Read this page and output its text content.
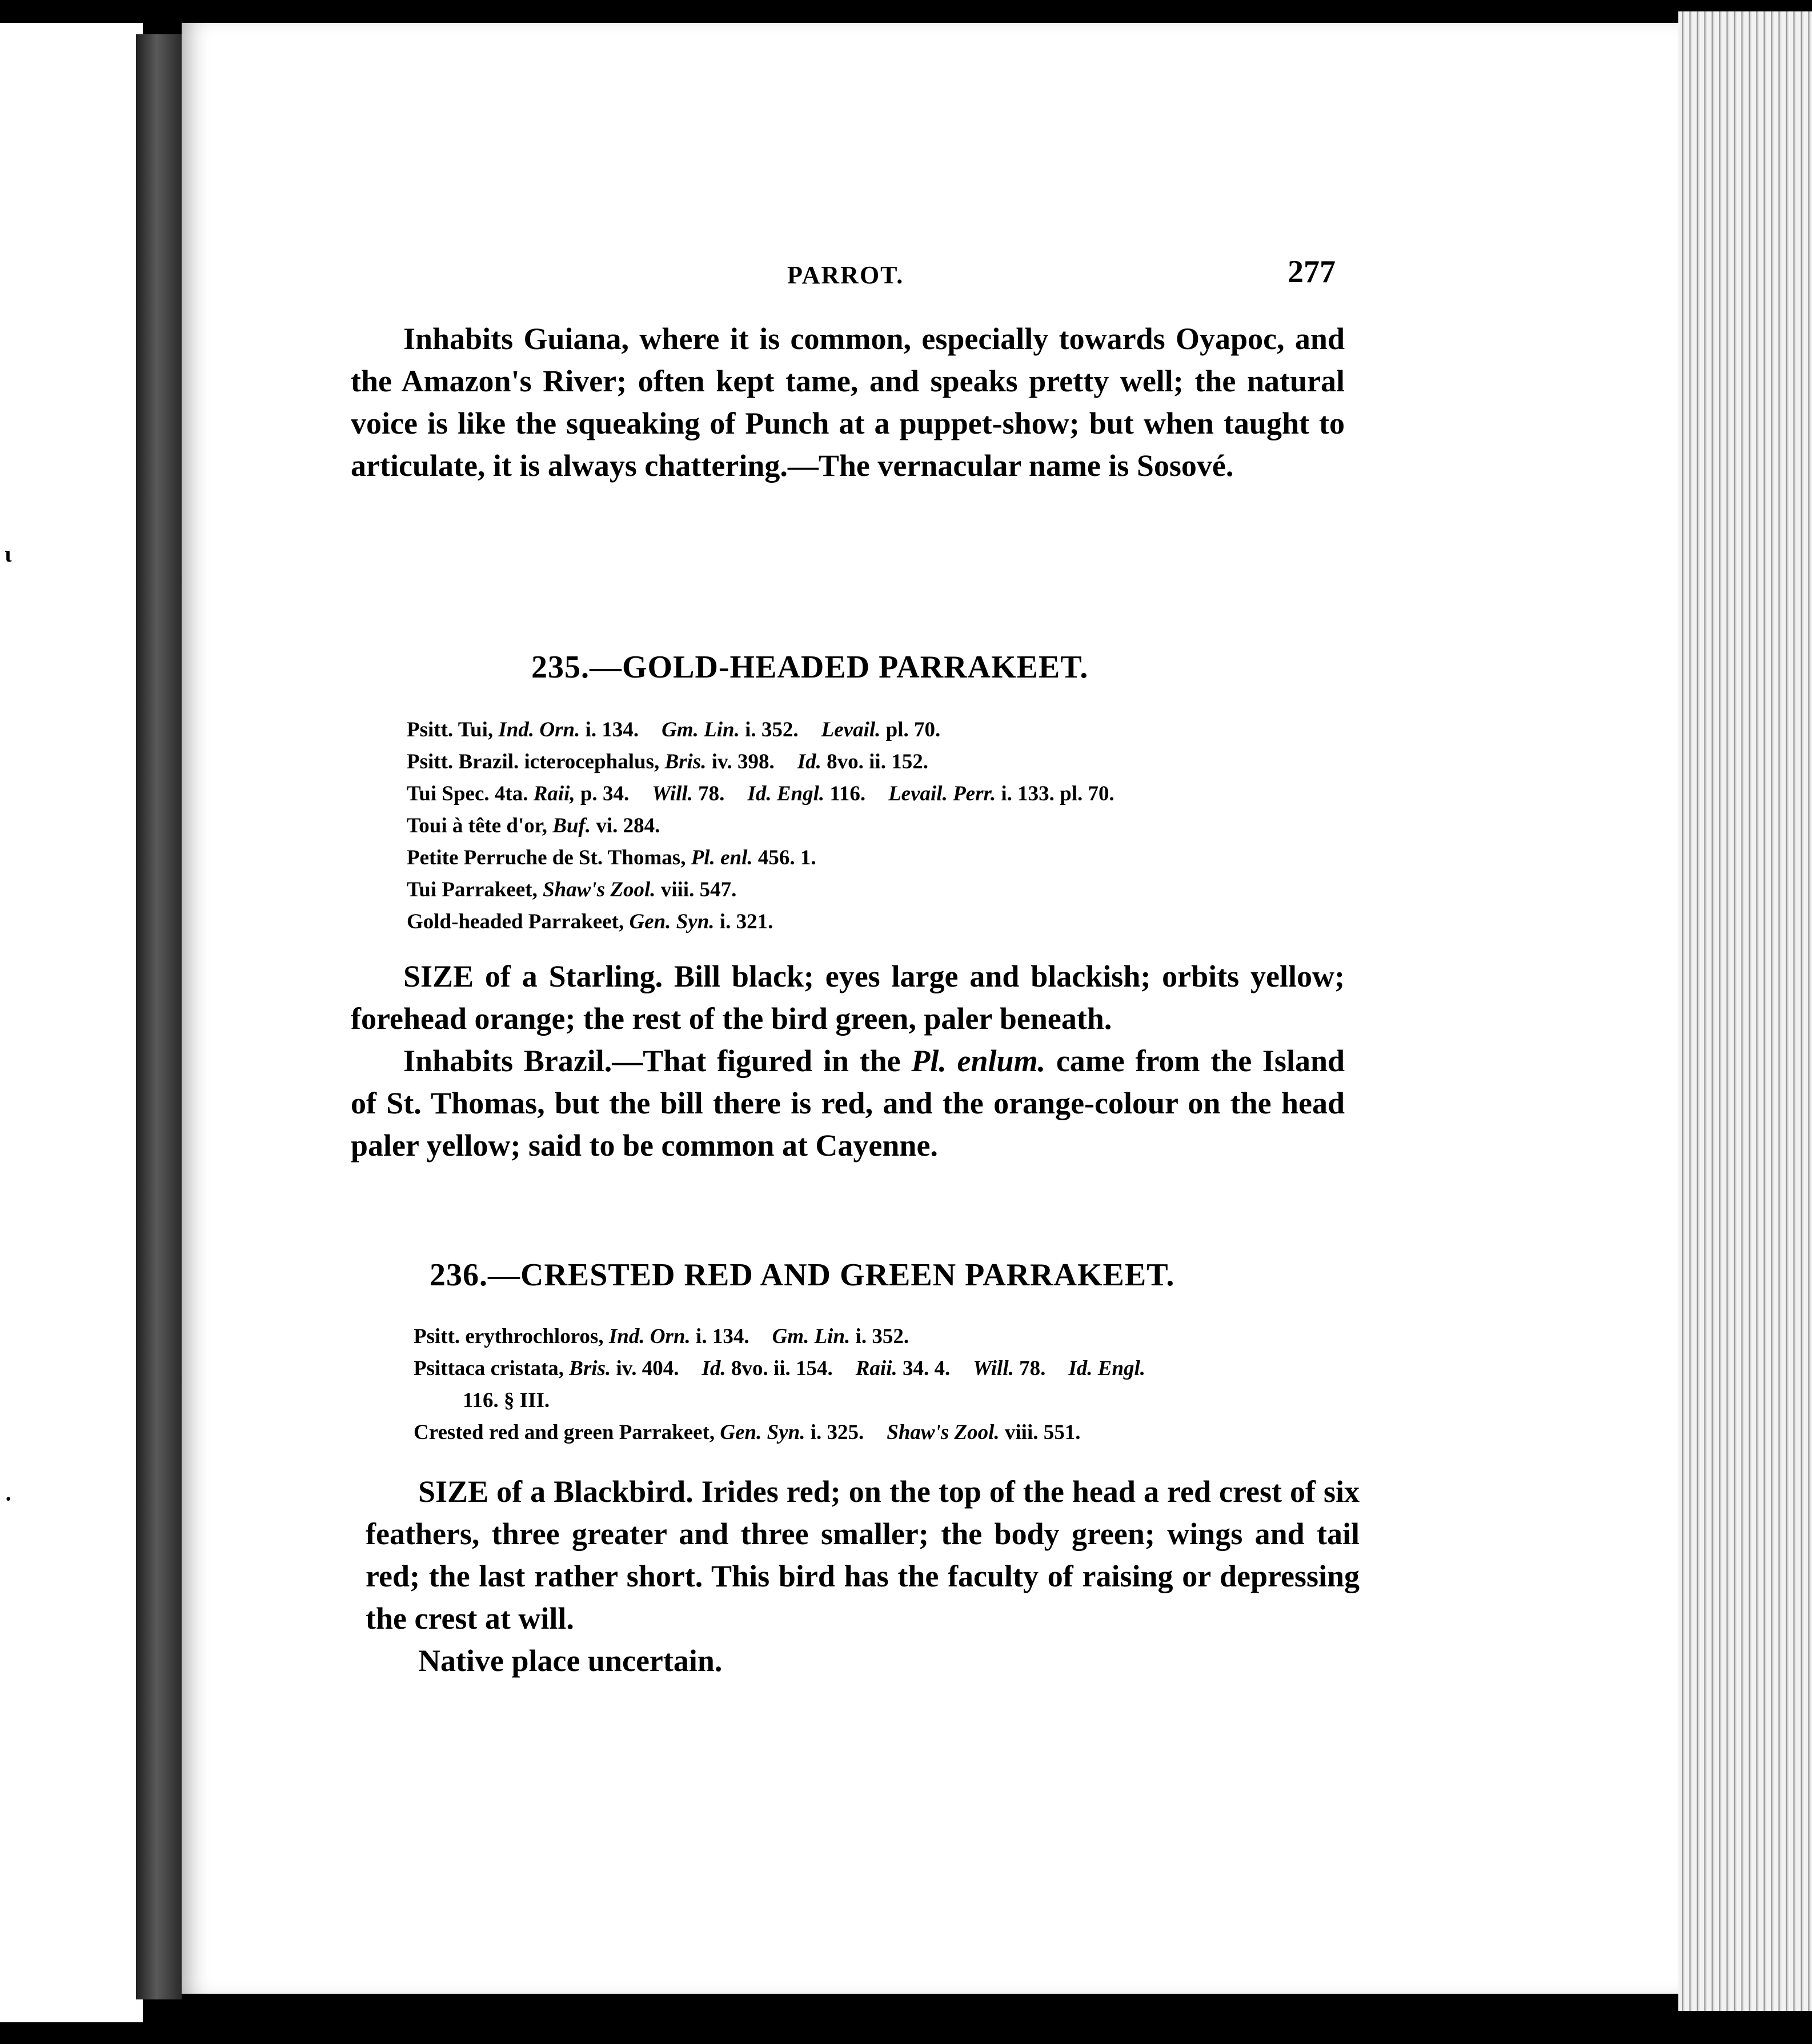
ι
·
PARROT.	277

Inhabits Guiana, where it is common, especially towards Oyapoc, and the Amazon's River; often kept tame, and speaks pretty well; the natural voice is like the squeaking of Punch at a puppet-show; but when taught to articulate, it is always chattering.—The vernacular name is Sosové.

235.—GOLD-HEADED PARRAKEET.
Psitt. Tui, Ind. Orn. i. 134. Gm. Lin. i. 352. Levail. pl. 70.
Psitt. Brazil. icterocephalus, Bris. iv. 398. Id. 8vo. ii. 152.
Tui Spec. 4ta. Raii, p. 34. Will. 78. Id. Engl. 116. Levail. Perr. i. 133. pl. 70.
Toui à tête d'or, Buf. vi. 284.
Petite Perruche de St. Thomas, Pl. enl. 456. 1.
Tui Parrakeet, Shaw's Zool. viii. 547.
Gold-headed Parrakeet, Gen. Syn. i. 321.

SIZE of a Starling. Bill black; eyes large and blackish; orbits yellow; forehead orange; the rest of the bird green, paler beneath.

Inhabits Brazil.—That figured in the Pl. enlum. came from the Island of St. Thomas, but the bill there is red, and the orange-colour on the head paler yellow; said to be common at Cayenne.

236.—CRESTED RED AND GREEN PARRAKEET.
Psitt. erythrochloros, Ind. Orn. i. 134. Gm. Lin. i. 352.
Psittaca cristata, Bris. iv. 404. Id. 8vo. ii. 154. Raii. 34. 4. Will. 78. Id. Engl.
116. § III.
Crested red and green Parrakeet, Gen. Syn. i. 325. Shaw's Zool. viii. 551.

SIZE of a Blackbird. Irides red; on the top of the head a red crest of six feathers, three greater and three smaller; the body green; wings and tail red; the last rather short. This bird has the faculty of raising or depressing the crest at will.

Native place uncertain.
